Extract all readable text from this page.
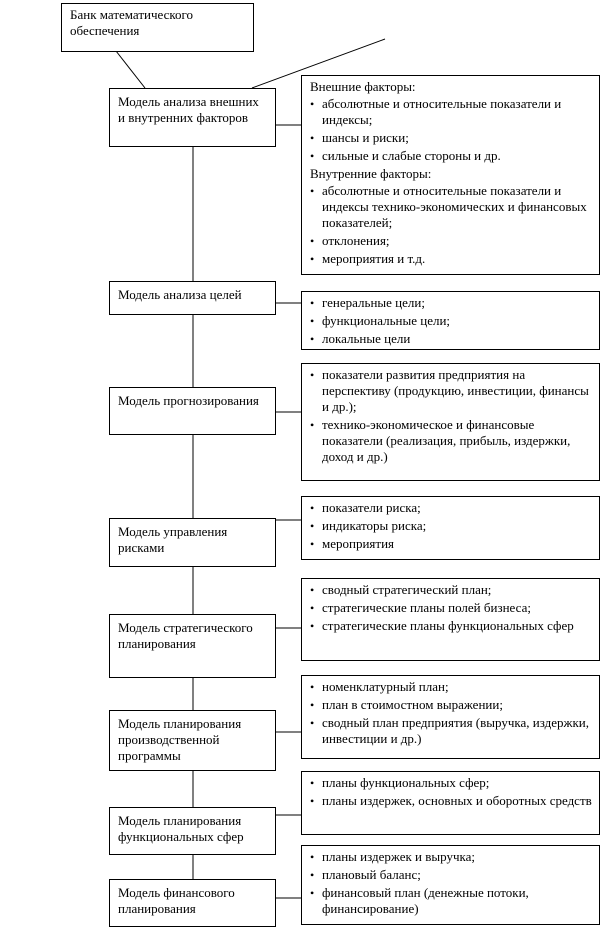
Банк математического обеспечения
Модель анализа внешних и внутренних факторов
Модель анализа целей
Модель прогнозирования
Модель управления рисками
Модель стратегического планирования
Модель планирования производственной программы
Модель планирования функциональных сфер
Модель финансового планирования
Внешние факторы:
• абсолютные и относительные показатели и индексы;
• шансы и риски;
• сильные и слабые стороны и др.
Внутренние факторы:
• абсолютные и относительные показатели и индексы технико-экономических и финансовых показателей;
• отклонения;
• мероприятия и т.д.
• генеральные цели;
• функциональные цели;
• локальные цели
• показатели развития предприятия на перспективу (продукцию, инвестиции, финансы и др.);
• технико-экономическое и финансовые показатели (реализация, прибыль, издержки, доход и др.)
• показатели риска;
• индикаторы риска;
• мероприятия
• сводный стратегический план;
• стратегические планы полей бизнеса;
• стратегические планы функциональных сфер
• номенклатурный план;
• план в стоимостном выражении;
• сводный план предприятия (выручка, издержки, инвестиции и др.)
• планы функциональных сфер;
• планы издержек, основных и оборотных средств
• планы издержек и выручка;
• плановый баланс;
• финансовый план (денежные потоки, финансирование)
